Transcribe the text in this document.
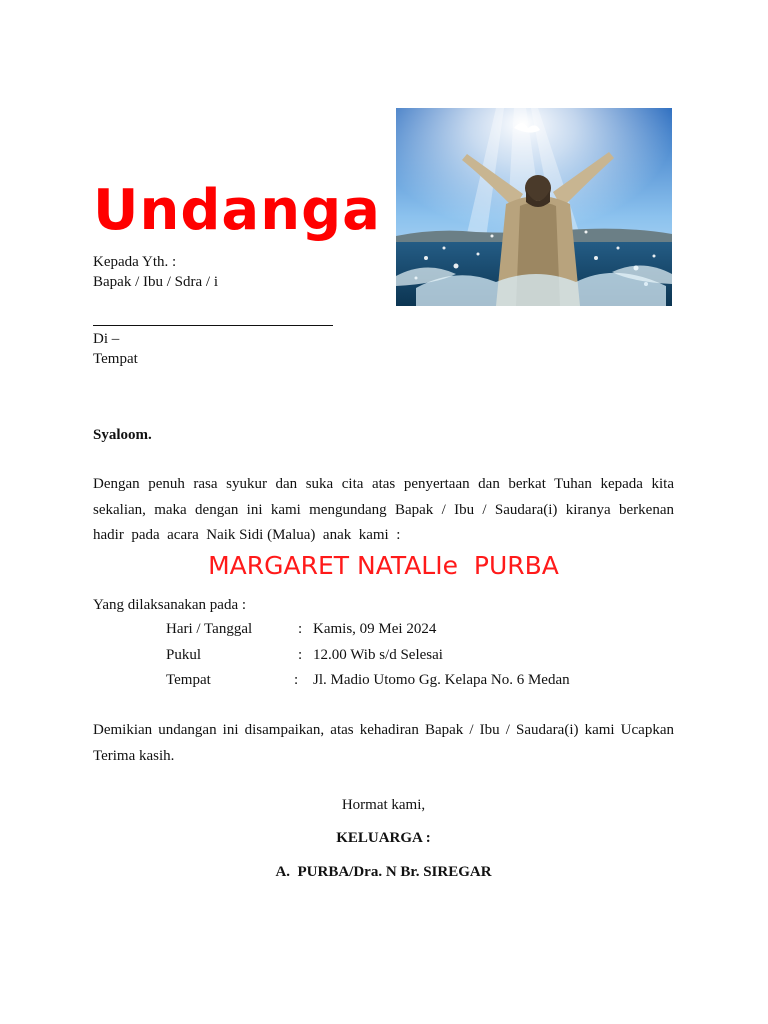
Undanga
Kepada Yth. :
Bapak / Ibu / Sdra / i
Di –
Tempat
Syaloom.
Dengan penuh rasa syukur dan suka cita atas penyertaan dan berkat Tuhan kepada kita
sekalian, maka dengan ini kami mengundang Bapak / Ibu / Saudara(i) kiranya berkenan
hadir  pada  acara  Naik Sidi (Malua)  anak  kami  :
MARGARET NATALIe  PURBA
Yang dilaksanakan pada :
Hari / Tanggal	: Kamis, 09 Mei 2024
Pukul	: 12.00 Wib s/d Selesai
Tempat	: Jl. Madio Utomo Gg. Kelapa No. 6 Medan
Demikian undangan ini disampaikan, atas kehadiran Bapak / Ibu / Saudara(i) kami Ucapkan
Terima kasih.
Hormat kami,
KELUARGA :
A.  PURBA/Dra. N Br. SIREGAR
